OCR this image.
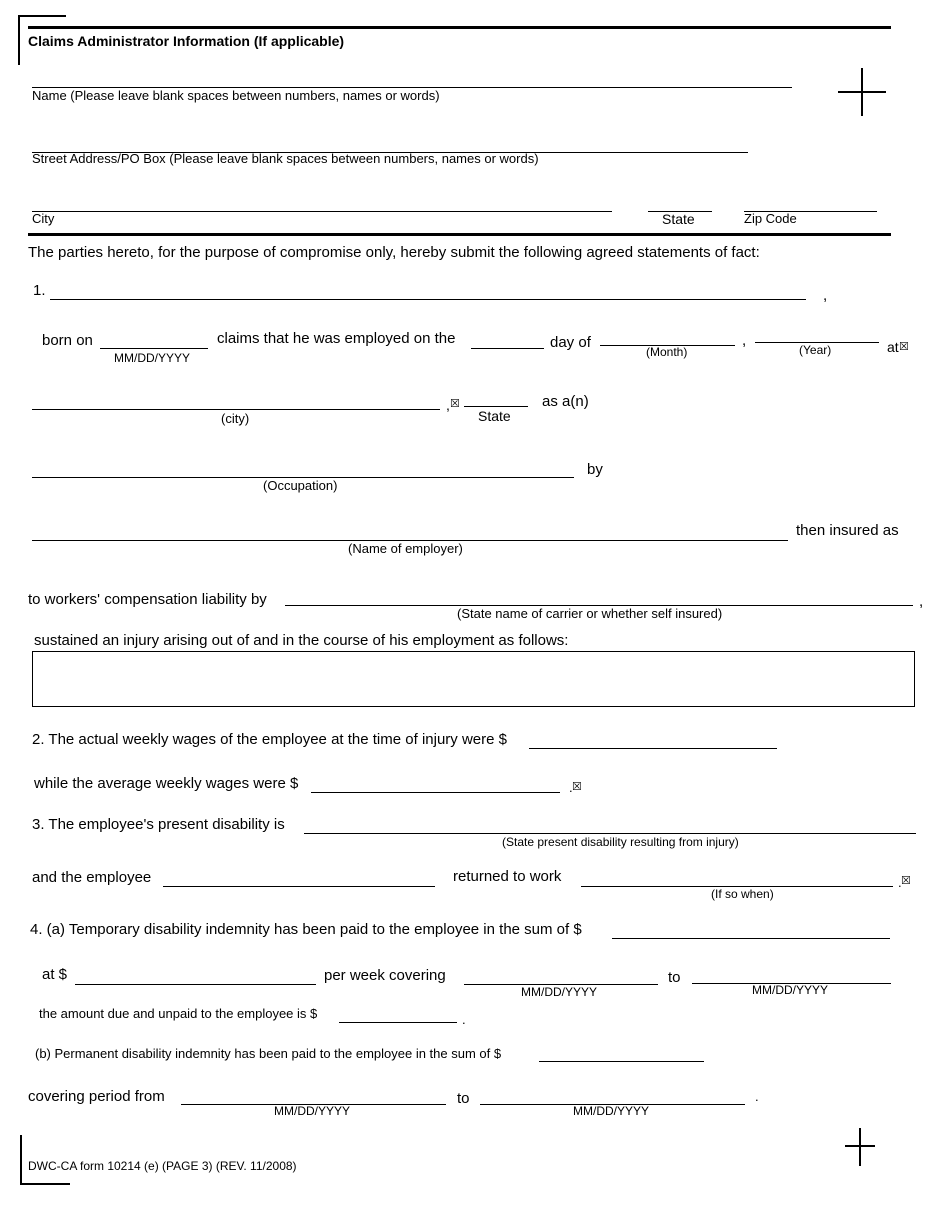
Claims Administrator Information (If applicable)
Name (Please leave blank spaces between numbers, names or words)
Street Address/PO Box (Please leave blank spaces between numbers, names or words)
City	State	Zip Code
The parties hereto, for the purpose of compromise only, hereby submit the following agreed statements of fact:
1.	,
born on
MM/DD/YYYY
claims that he was employed on the	day of
(Month)
,
(Year)	at ☒
(city)
, ☒
State
as a(n)
(Occupation)
by
(Name of employer)
then insured as
to workers' compensation liability by
(State name of carrier or whether self insured)
,
sustained an injury arising out of and in the course of his employment as follows:
2. The actual weekly wages of the employee at the time of injury were $
while the average weekly wages were $	. ☒
3. The employee's present disability is
(State present disability resulting from injury)
and the employee	returned to work
(If so when)
. ☒
4. (a) Temporary disability indemnity has been paid to the employee in the sum of $
at $	per week covering
MM/DD/YYYY
to
MM/DD/YYYY
the amount due and unpaid to the employee is $	.
(b) Permanent disability indemnity has been paid to the employee in the sum of $
covering period from
MM/DD/YYYY
to
MM/DD/YYYY
.
DWC-CA form 10214 (e) (PAGE 3) (REV. 11/2008)
